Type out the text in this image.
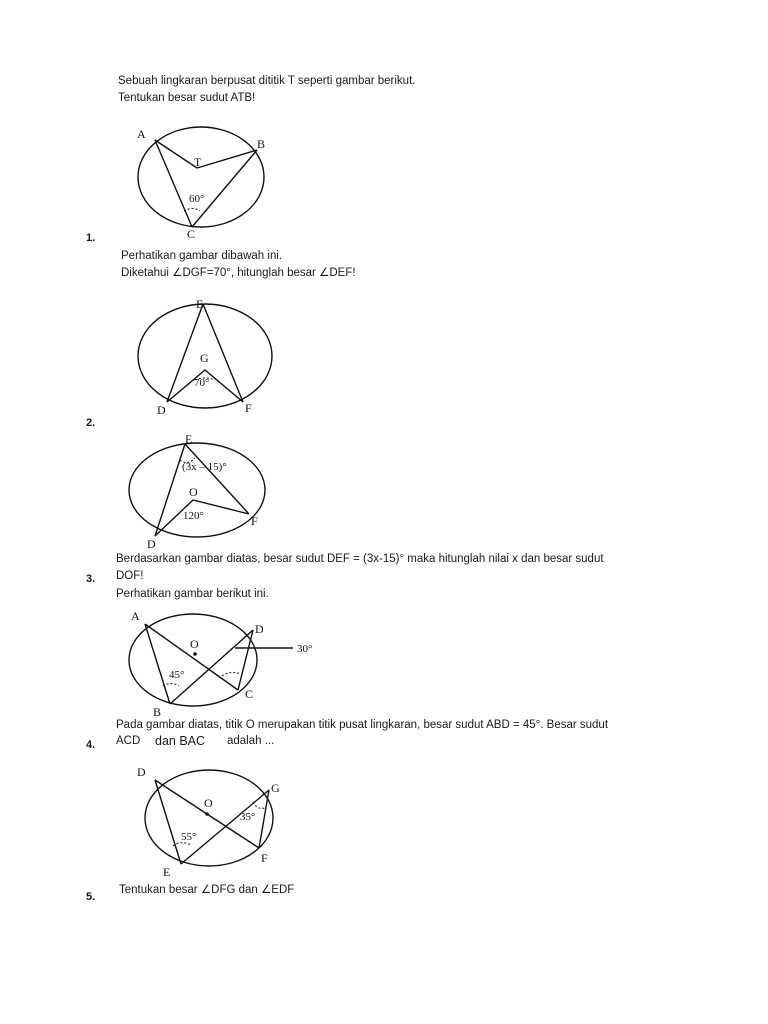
Sebuah lingkaran berpusat dititik T seperti gambar berikut.
Tentukan besar sudut ATB!
A
B
C
T
60°
1.
Perhatikan gambar dibawah ini.
Diketahui ∠DGF=70°, hitunglah besar ∠DEF!
E
G
D	F
70°
2.
E
O
D
F
(3x – 15)°
120°
Berdasarkan gambar diatas, besar sudut DEF = (3x-15)° maka hitunglah nilai x dan besar sudut
DOF!
3.
Perhatikan gambar berikut ini.
A
O
D
B
C
45°
30°
Pada gambar diatas, titik O merupakan titik pusat lingkaran, besar sudut ABD = 45°. Besar sudut
ACD dan BAC adalah ...
4.
D
O
G
E
F
55°
35°
Tentukan besar ∠DFG dan ∠EDF
5.
